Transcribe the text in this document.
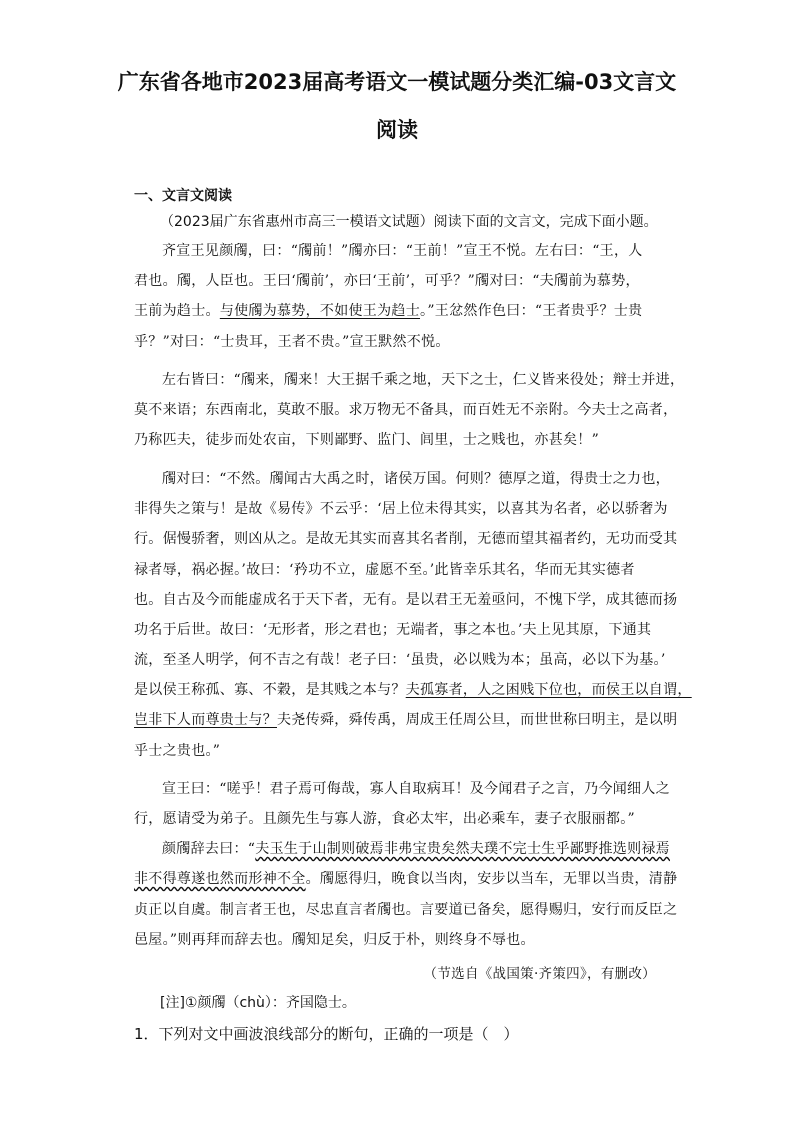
广东省各地市2023届高考语文一模试题分类汇编-03文言文
阅读
一、文言文阅读
（2023届广东省惠州市高三一模语文试题）阅读下面的文言文，完成下面小题。
齐宣王见颜斶，曰：“斶前！”斶亦曰：“王前！”宣王不悦。左右曰：“王，人
君也。斶，人臣也。王曰‘斶前’，亦曰‘王前’，可乎？”斶对曰：“夫斶前为慕势，
王前为趋士。与使斶为慕势，不如使王为趋士。”王忿然作色曰：“王者贵乎？士贵
乎？”对曰：“士贵耳，王者不贵。”宣王默然不悦。
左右皆曰：“斶来，斶来！大王据千乘之地，天下之士，仁义皆来役处；辩士并进，
莫不来语；东西南北，莫敢不服。求万物无不备具，而百姓无不亲附。今夫士之高者，
乃称匹夫，徒步而处农亩，下则鄙野、监门、闾里，士之贱也，亦甚矣！”
斶对曰：“不然。斶闻古大禹之时，诸侯万国。何则？德厚之道，得贵士之力也，
非得失之策与！是故《易传》不云乎：‘居上位未得其实，以喜其为名者，必以骄奢为
行。倨慢骄奢，则凶从之。是故无其实而喜其名者削，无德而望其福者约，无功而受其
禄者辱，祸必握。’故曰：‘矜功不立，虚愿不至。’此皆幸乐其名，华而无其实德者
也。自古及今而能虚成名于天下者，无有。是以君王无羞亟问，不愧下学，成其德而扬
功名于后世。故曰：‘无形者，形之君也；无端者，事之本也。’夫上见其原，下通其
流，至圣人明学，何不吉之有哉！老子曰：‘虽贵，必以贱为本；虽高，必以下为基。’
是以侯王称孤、寡、不穀，是其贱之本与？夫孤寡者，人之困贱下位也，而侯王以自谓，
岂非下人而尊贵士与？夫尧传舜，舜传禹，周成王任周公旦，而世世称曰明主，是以明
乎士之贵也。”
宣王曰：“嗟乎！君子焉可侮哉，寡人自取病耳！及今闻君子之言，乃今闻细人之
行，愿请受为弟子。且颜先生与寡人游，食必太牢，出必乘车，妻子衣服丽都。”
颜斶辞去曰：“夫玉生于山制则破焉非弗宝贵矣然夫璞不完士生乎鄙野推选则禄焉
非不得尊遂也然而形神不全。斶愿得归，晚食以当肉，安步以当车，无罪以当贵，清静
贞正以自虞。制言者王也，尽忠直言者斶也。言要道已备矣，愿得赐归，安行而反臣之
邑屋。”则再拜而辞去也。斶知足矣，归反于朴，则终身不辱也。
（节选自《战国策·齐策四》，有删改）
[注]①颜斶（chù）：齐国隐士。
1．下列对文中画波浪线部分的断句，正确的一项是（　）
